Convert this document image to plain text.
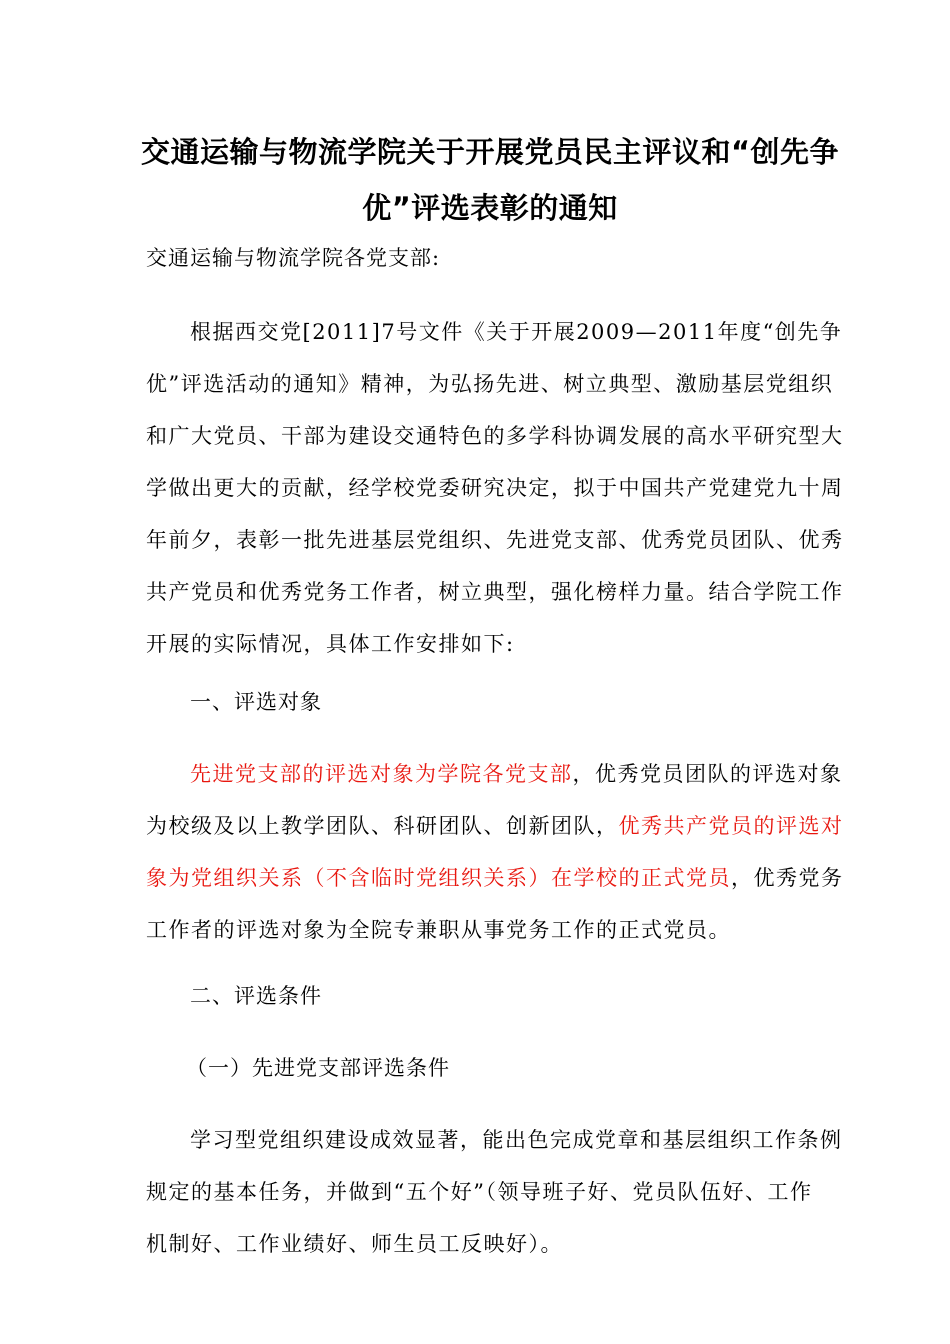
交通运输与物流学院关于开展党员民主评议和“创先争
优”评选表彰的通知
交通运输与物流学院各党支部:
根据西交党[2011]7号文件《关于开展2009—2011年度“创先争
优”评选活动的通知》精神，为弘扬先进、树立典型、激励基层党组织
和广大党员、干部为建设交通特色的多学科协调发展的高水平研究型大
学做出更大的贡献，经学校党委研究决定，拟于中国共产党建党九十周
年前夕，表彰一批先进基层党组织、先进党支部、优秀党员团队、优秀
共产党员和优秀党务工作者，树立典型，强化榜样力量。结合学院工作
开展的实际情况，具体工作安排如下:
一、评选对象
先进党支部的评选对象为学院各党支部，优秀党员团队的评选对象
为校级及以上教学团队、科研团队、创新团队，优秀共产党员的评选对
象为党组织关系（不含临时党组织关系）在学校的正式党员，优秀党务
工作者的评选对象为全院专兼职从事党务工作的正式党员。
二、评选条件
（一）先进党支部评选条件
学习型党组织建设成效显著，能出色完成党章和基层组织工作条例
规定的基本任务，并做到“五个好”（领导班子好、党员队伍好、工作
机制好、工作业绩好、师生员工反映好）。
